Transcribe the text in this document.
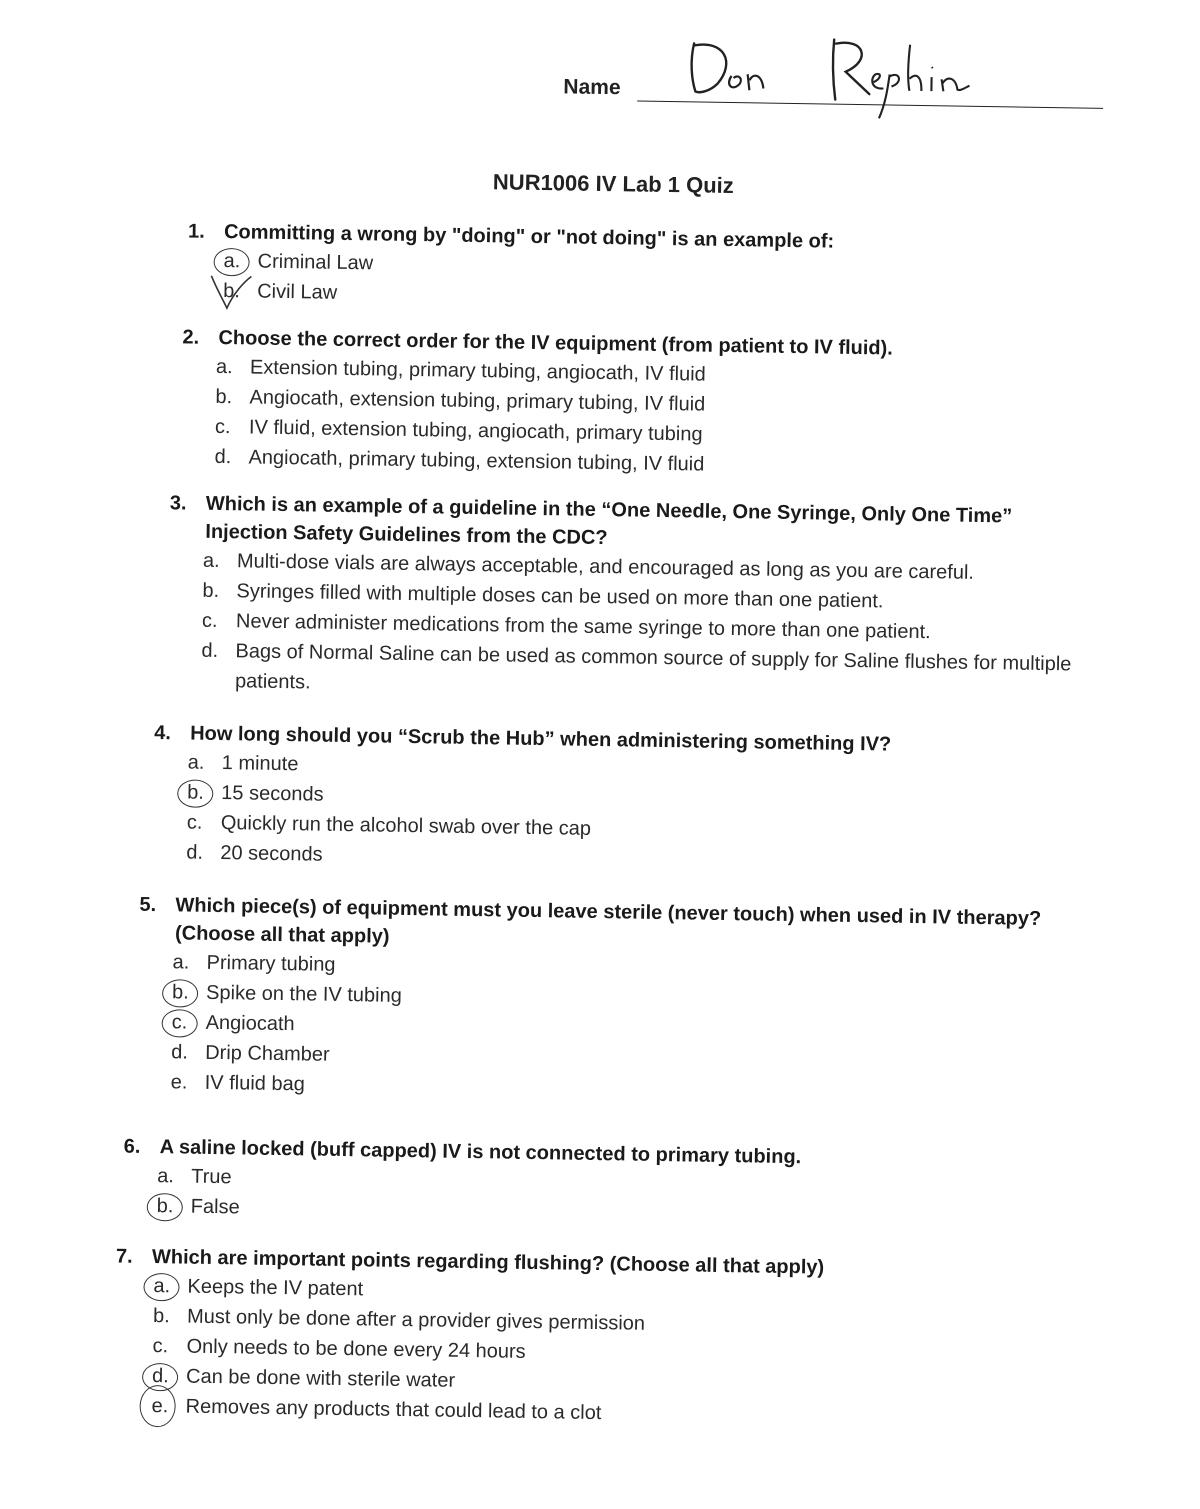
Name
NUR1006 IV Lab 1 Quiz
1. Committing a wrong by "doing" or "not doing" is an example of:
a. Criminal Law
b. Civil Law
2. Choose the correct order for the IV equipment (from patient to IV fluid).
a. Extension tubing, primary tubing, angiocath, IV fluid
b. Angiocath, extension tubing, primary tubing, IV fluid
c. IV fluid, extension tubing, angiocath, primary tubing
d. Angiocath, primary tubing, extension tubing, IV fluid
3. Which is an example of a guideline in the “One Needle, One Syringe, Only One Time” Injection Safety Guidelines from the CDC?
a. Multi-dose vials are always acceptable, and encouraged as long as you are careful.
b. Syringes filled with multiple doses can be used on more than one patient.
c. Never administer medications from the same syringe to more than one patient.
d. Bags of Normal Saline can be used as common source of supply for Saline flushes for multiple patients.
4. How long should you “Scrub the Hub” when administering something IV?
a. 1 minute
b. 15 seconds
c. Quickly run the alcohol swab over the cap
d. 20 seconds
5. Which piece(s) of equipment must you leave sterile (never touch) when used in IV therapy? (Choose all that apply)
a. Primary tubing
b. Spike on the IV tubing
c. Angiocath
d. Drip Chamber
e. IV fluid bag
6. A saline locked (buff capped) IV is not connected to primary tubing.
a. True
b. False
7. Which are important points regarding flushing? (Choose all that apply)
a. Keeps the IV patent
b. Must only be done after a provider gives permission
c. Only needs to be done every 24 hours
d. Can be done with sterile water
e. Removes any products that could lead to a clot
